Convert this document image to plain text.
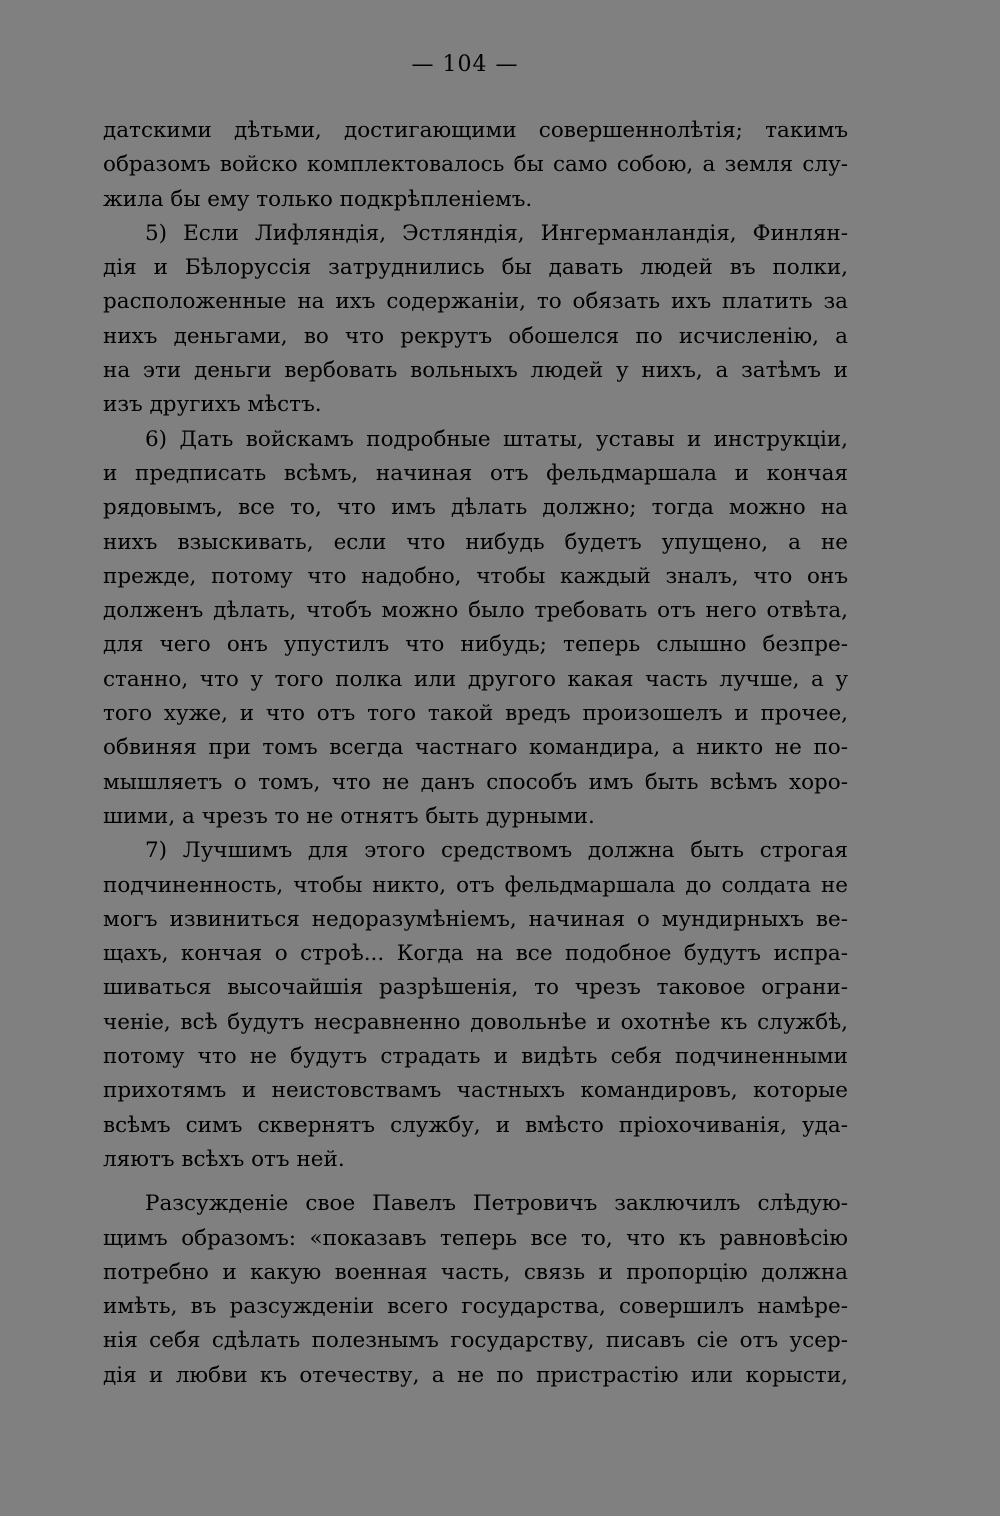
— 104 —
датскими дѣтьми, достигающими совершеннолѣтія; такимъ
образомъ войско комплектовалось бы само собою, а земля слу-
жила бы ему только подкрѣпленіемъ.
5) Если Лифляндія, Эстляндія, Ингерманландія, Финлян-
дія и Бѣлоруссія затруднились бы давать людей въ полки,
расположенные на ихъ содержаніи, то обязать ихъ платить за
нихъ деньгами, во что рекрутъ обошелся по исчисленію, а
на эти деньги вербовать вольныхъ людей у нихъ, а затѣмъ и
изъ другихъ мѣстъ.
6) Дать войскамъ подробные штаты, уставы и инструкціи,
и предписать всѣмъ, начиная отъ фельдмаршала и кончая
рядовымъ, все то, что имъ дѣлать должно; тогда можно на
нихъ взыскивать, если что нибудь будетъ упущено, а не
прежде, потому что надобно, чтобы каждый зналъ, что онъ
долженъ дѣлать, чтобъ можно было требовать отъ него отвѣта,
для чего онъ упустилъ что нибудь; теперь слышно безпре-
станно, что у того полка или другого какая часть лучше, а у
того хуже, и что отъ того такой вредъ произошелъ и прочее,
обвиняя при томъ всегда частнаго командира, а никто не по-
мышляетъ о томъ, что не данъ способъ имъ быть всѣмъ хоро-
шими, а чрезъ то не отнятъ быть дурными.
7) Лучшимъ для этого средствомъ должна быть строгая
подчиненность, чтобы никто, отъ фельдмаршала до солдата не
могъ извиниться недоразумѣніемъ, начиная о мундирныхъ ве-
щахъ, кончая о строѣ... Когда на все подобное будутъ испра-
шиваться высочайшія разрѣшенія, то чрезъ таковое ограни-
ченіе, всѣ будутъ несравненно довольнѣе и охотнѣе къ службѣ,
потому что не будутъ страдать и видѣть себя подчиненными
прихотямъ и неистовствамъ частныхъ командировъ, которые
всѣмъ симъ сквернятъ службу, и вмѣсто пріохочиванія, уда-
ляютъ всѣхъ отъ ней.
Разсужденіе свое Павелъ Петровичъ заключилъ слѣдую-
щимъ образомъ: «показавъ теперь все то, что къ равновѣсію
потребно и какую военная часть, связь и пропорцію должна
имѣть, въ разсужденіи всего государства, совершилъ намѣре-
нія себя сдѣлать полезнымъ государству, писавъ сіе отъ усер-
дія и любви къ отечеству, а не по пристрастію или корысти,
